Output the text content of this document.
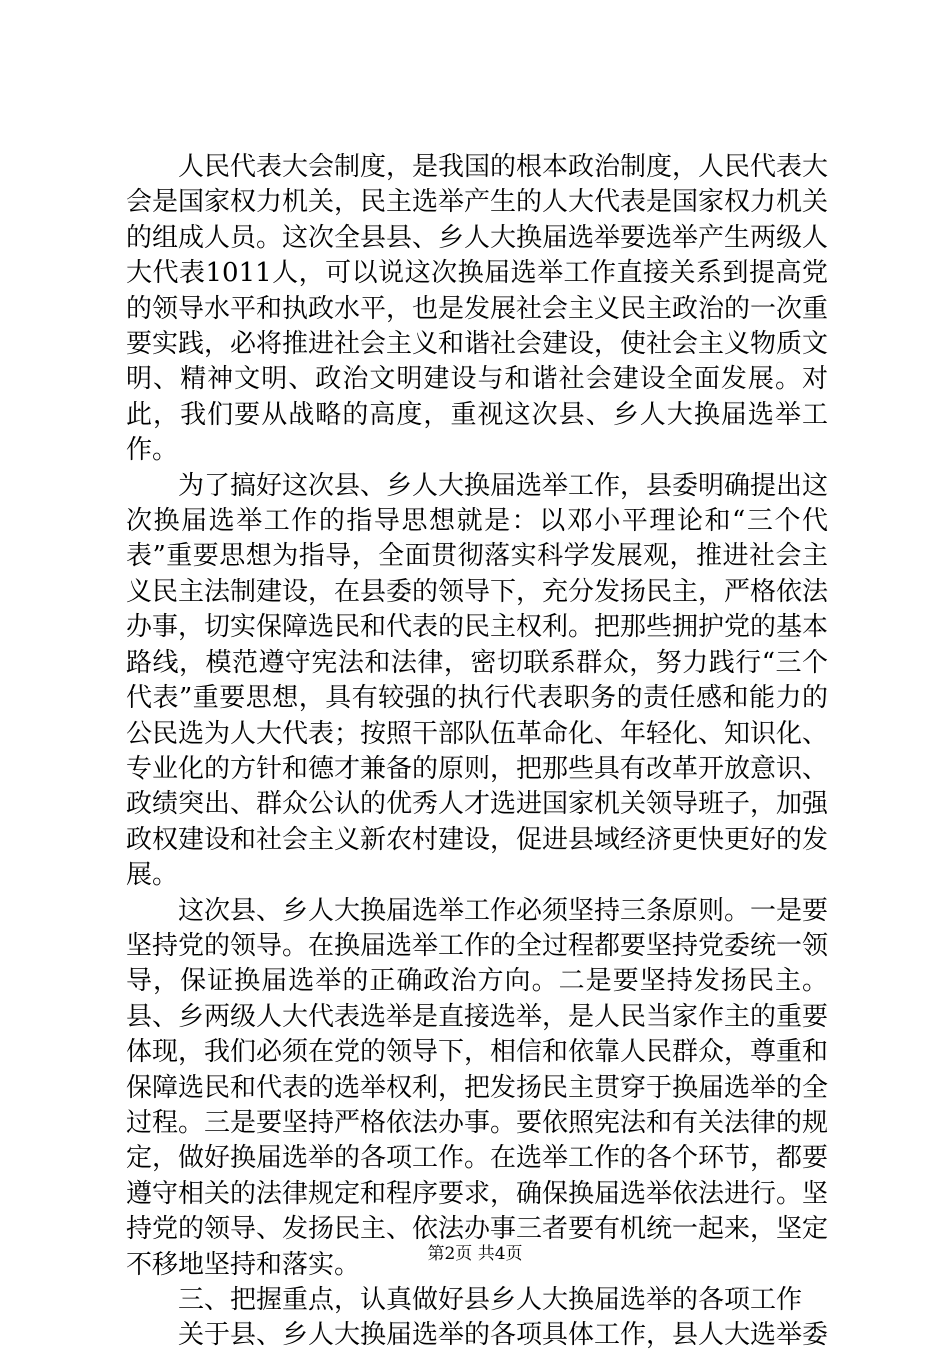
人民代表大会制度，是我国的根本政治制度，人民代表大会是国家权力机关，民主选举产生的人大代表是国家权力机关的组成人员。这次全县县、乡人大换届选举要选举产生两级人大代表1011人，可以说这次换届选举工作直接关系到提高党的领导水平和执政水平，也是发展社会主义民主政治的一次重要实践，必将推进社会主义和谐社会建设，使社会主义物质文明、精神文明、政治文明建设与和谐社会建设全面发展。对此，我们要从战略的高度，重视这次县、乡人大换届选举工作。

为了搞好这次县、乡人大换届选举工作，县委明确提出这次换届选举工作的指导思想就是：以邓小平理论和“三个代表”重要思想为指导，全面贯彻落实科学发展观，推进社会主义民主法制建设，在县委的领导下，充分发扬民主，严格依法办事，切实保障选民和代表的民主权利。把那些拥护党的基本路线，模范遵守宪法和法律，密切联系群众，努力践行“三个代表”重要思想，具有较强的执行代表职务的责任感和能力的公民选为人大代表；按照干部队伍革命化、年轻化、知识化、专业化的方针和德才兼备的原则，把那些具有改革开放意识、政绩突出、群众公认的优秀人才选进国家机关领导班子，加强政权建设和社会主义新农村建设，促进县域经济更快更好的发展。

这次县、乡人大换届选举工作必须坚持三条原则。一是要坚持党的领导。在换届选举工作的全过程都要坚持党委统一领导，保证换届选举的正确政治方向。二是要坚持发扬民主。县、乡两级人大代表选举是直接选举，是人民当家作主的重要体现，我们必须在党的领导下，相信和依靠人民群众，尊重和保障选民和代表的选举权利，把发扬民主贯穿于换届选举的全过程。三是要坚持严格依法办事。要依照宪法和有关法律的规定，做好换届选举的各项工作。在选举工作的各个环节，都要遵守相关的法律规定和程序要求，确保换届选举依法进行。坚持党的领导、发扬民主、依法办事三者要有机统一起来，坚定不移地坚持和落实。

三、把握重点，认真做好县乡人大换届选举的各项工作

关于县、乡人大换届选举的各项具体工作，县人大选举委

第2页 共4页
